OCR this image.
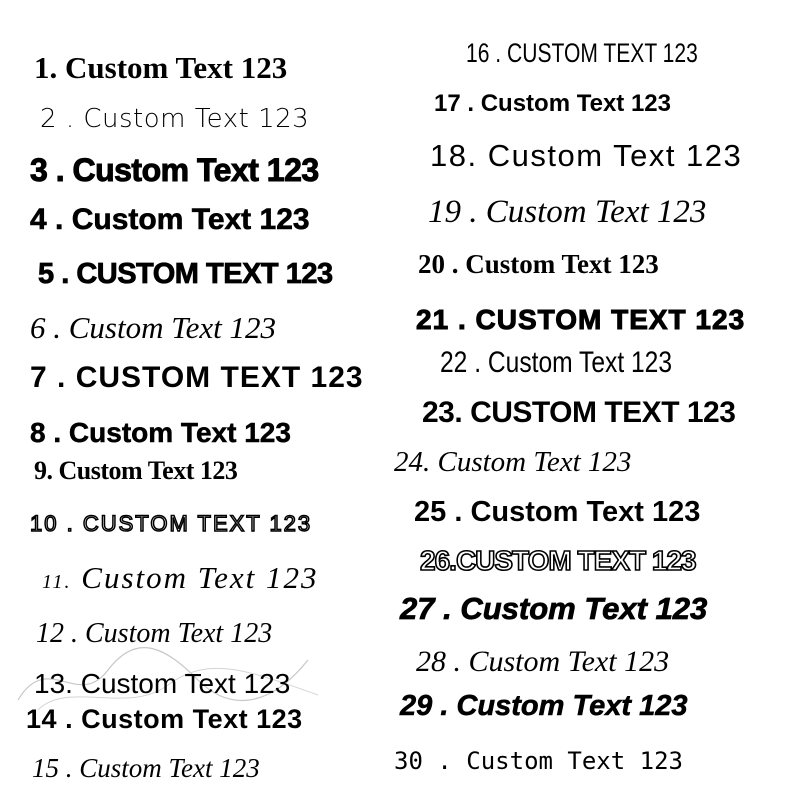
1. Custom Text 123
2 . Custom Text 123
3 . Custom Text 123
4 . Custom Text 123
5 . CUSTOM TEXT 123
6 . Custom Text 123
7 . CUSTOM TEXT 123
8 . Custom Text 123
9. Custom Text 123
10 . CUSTOM TEXT 123
11. Custom Text 123
12 . Custom Text 123
13. Custom Text 123
14 . Custom Text 123
15 . Custom Text 123
16 . CUSTOM TEXT 123
17 . Custom Text 123
18. Custom Text 123
19 . Custom Text 123
20 . Custom Text 123
21 . CUSTOM TEXT 123
22 . Custom Text 123
23. CUSTOM TEXT 123
24. Custom Text 123
25 . Custom Text 123
26.CUSTOM TEXT 123
27 . Custom Text 123
28 . Custom Text 123
29 . Custom Text 123
30 . Custom Text 123
